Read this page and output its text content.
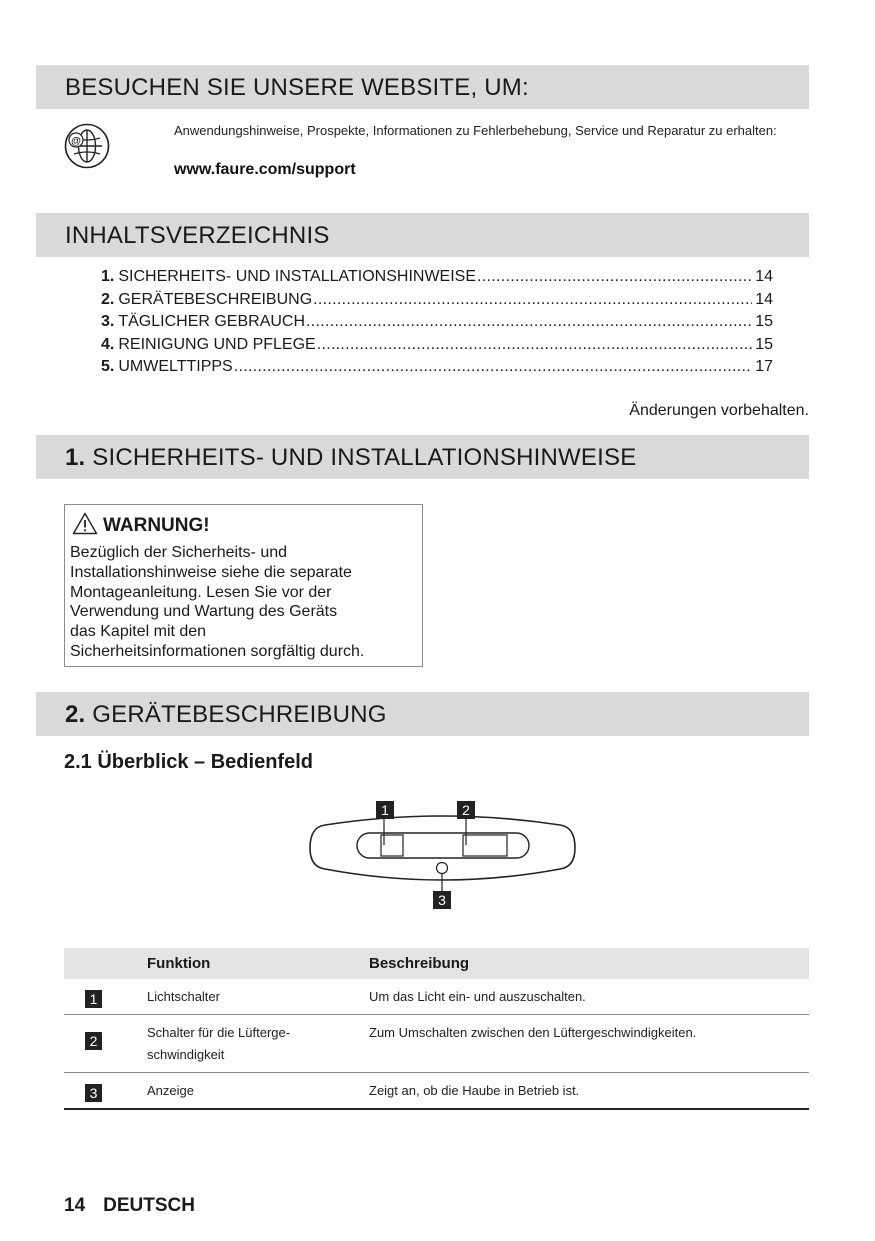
BESUCHEN SIE UNSERE WEBSITE, UM:
@
Anwendungshinweise, Prospekte, Informationen zu Fehlerbehebung, Service und Reparatur zu erhalten:
www.faure.com/support
INHALTSVERZEICHNIS
1. SICHERHEITS- UND INSTALLATIONSHINWEISE .....	14
2. GERÄTEBESCHREIBUNG .....	14
3. TÄGLICHER GEBRAUCH .....	15
4. REINIGUNG UND PFLEGE .....	15
5. UMWELTTIPPS .....	17
Änderungen vorbehalten.
1. SICHERHEITS- UND INSTALLATIONSHINWEISE
WARNUNG!
Bezüglich der Sicherheits- und
Installationshinweise siehe die separate
Montageanleitung. Lesen Sie vor der
Verwendung und Wartung des Geräts
das Kapitel mit den
Sicherheitsinformationen sorgfältig durch.
2. GERÄTEBESCHREIBUNG
2.1 Überblick – Bedienfeld
1	2
3
	Funktion	Beschreibung
1	Lichtschalter	Um das Licht ein- und auszuschalten.
2	Schalter für die Lüfterge-
schwindigkeit	Zum Umschalten zwischen den Lüftergeschwindigkeiten.
3	Anzeige	Zeigt an, ob die Haube in Betrieb ist.
14 DEUTSCH
